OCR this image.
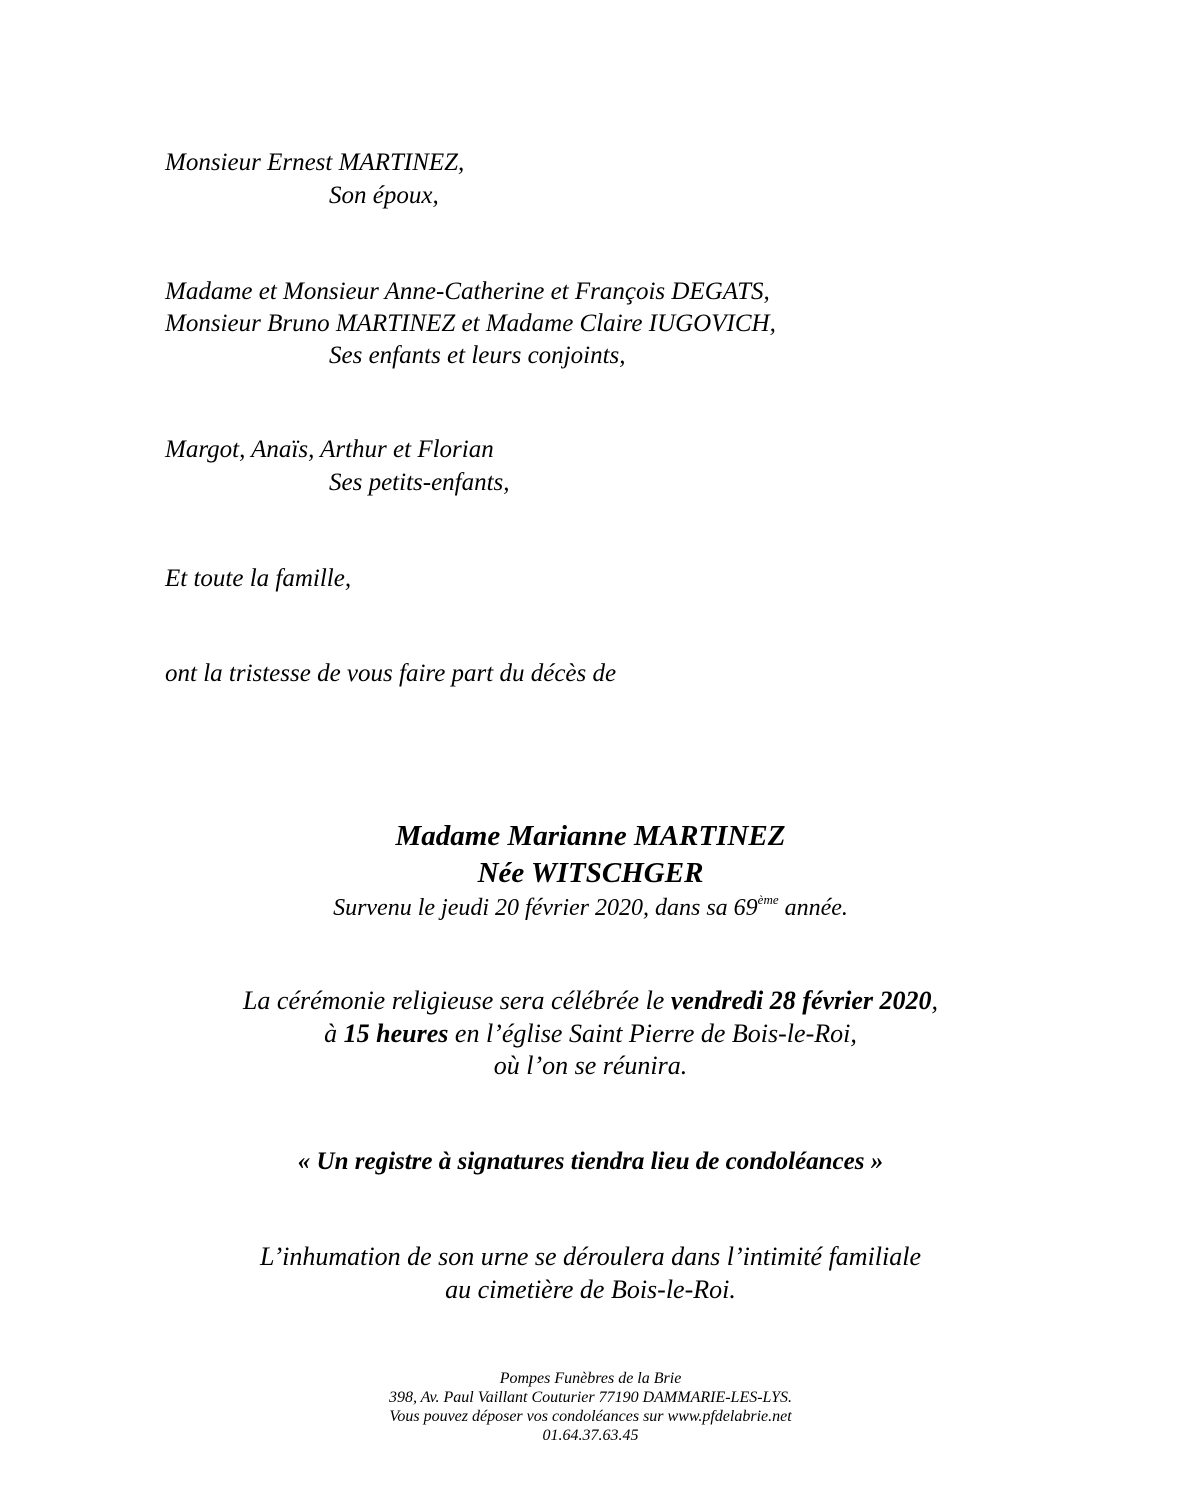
Monsieur Ernest MARTINEZ,
Son époux,
Madame et Monsieur Anne-Catherine et François DEGATS,
Monsieur Bruno MARTINEZ et Madame Claire IUGOVICH,
Ses enfants et leurs conjoints,
Margot, Anaïs, Arthur et Florian
Ses petits-enfants,
Et toute la famille,
ont la tristesse de vous faire part du décès de
Madame Marianne MARTINEZ
Née WITSCHGER
Survenu le jeudi 20 février 2020, dans sa 69ème année.
La cérémonie religieuse sera célébrée le vendredi 28 février 2020,
à 15 heures en l’église Saint Pierre de Bois-le-Roi,
où l’on se réunira.
« Un registre à signatures tiendra lieu de condoléances »
L’inhumation de son urne se déroulera dans l’intimité familiale
au cimetière de Bois-le-Roi.
Pompes Funèbres de la Brie
398, Av. Paul Vaillant Couturier 77190 DAMMARIE-LES-LYS.
Vous pouvez déposer vos condoléances sur www.pfdelabrie.net
01.64.37.63.45
